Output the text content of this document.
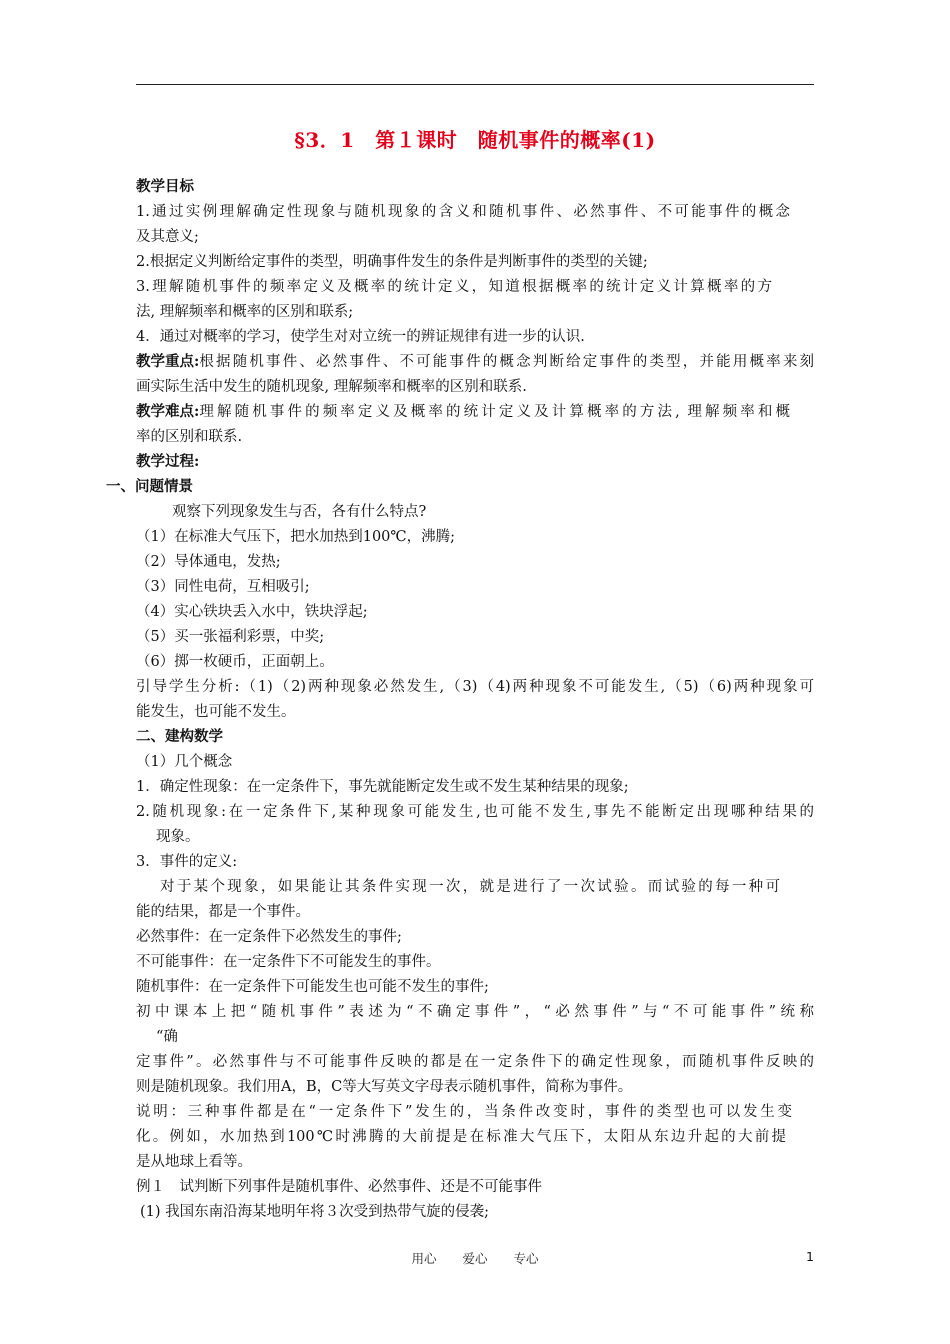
§3．1　第１课时　随机事件的概率(1)
教学目标
1.通过实例理解确定性现象与随机现象的含义和随机事件、必然事件、不可能事件的概念
及其意义;
2.根据定义判断给定事件的类型，明确事件发生的条件是判断事件的类型的关键;
3.理解随机事件的频率定义及概率的统计定义，知道根据概率的统计定义计算概率的方
法, 理解频率和概率的区别和联系;
4．通过对概率的学习，使学生对对立统一的辨证规律有进一步的认识.
教学重点: 根据随机事件、必然事件、不可能事件的概念判断给定事件的类型，并能用概率来刻
画实际生活中发生的随机现象, 理解频率和概率的区别和联系.
教学难点: 理解随机事件的频率定义及概率的统计定义及计算概率的方法, 理解频率和概
率的区别和联系.
教学过程:
一、问题情景
观察下列现象发生与否，各有什么特点?
（1）在标准大气压下，把水加热到100℃，沸腾;
（2）导体通电，发热;
（3）同性电荷，互相吸引;
（4）实心铁块丢入水中，铁块浮起;
（5）买一张福利彩票，中奖;
（6）掷一枚硬币，正面朝上。
引导学生分析:（1)（2)两种现象必然发生,（3)（4)两种现象不可能发生,（5)（6)两种现象可
能发生，也可能不发生。
二、建构数学
（1）几个概念
1．确定性现象：在一定条件下，事先就能断定发生或不发生某种结果的现象;
2.随机现象:在一定条件下,某种现象可能发生,也可能不发生,事先不能断定出现哪种结果的
现象。
3．事件的定义:
对于某个现象，如果能让其条件实现一次，就是进行了一次试验。而试验的每一种可
能的结果，都是一个事件。
必然事件：在一定条件下必然发生的事件;
不可能事件：在一定条件下不可能发生的事件。
随机事件：在一定条件下可能发生也可能不发生的事件;
初中课本上把“随机事件”表述为“不确定事件”，“必然事件”与“不可能事件”统称
“确
定事件”。必然事件与不可能事件反映的都是在一定条件下的确定性现象，而随机事件反映的
则是随机现象。我们用A，B，C等大写英文字母表示随机事件，简称为事件。
说明：三种事件都是在“一定条件下”发生的，当条件改变时，事件的类型也可以发生变
化。例如，水加热到100℃时沸腾的大前提是在标准大气压下，太阳从东边升起的大前提
是从地球上看等。
例１　试判断下列事件是随机事件、必然事件、还是不可能事件
(1) 我国东南沿海某地明年将３次受到热带气旋的侵袭;
用心 爱心 专心	1
